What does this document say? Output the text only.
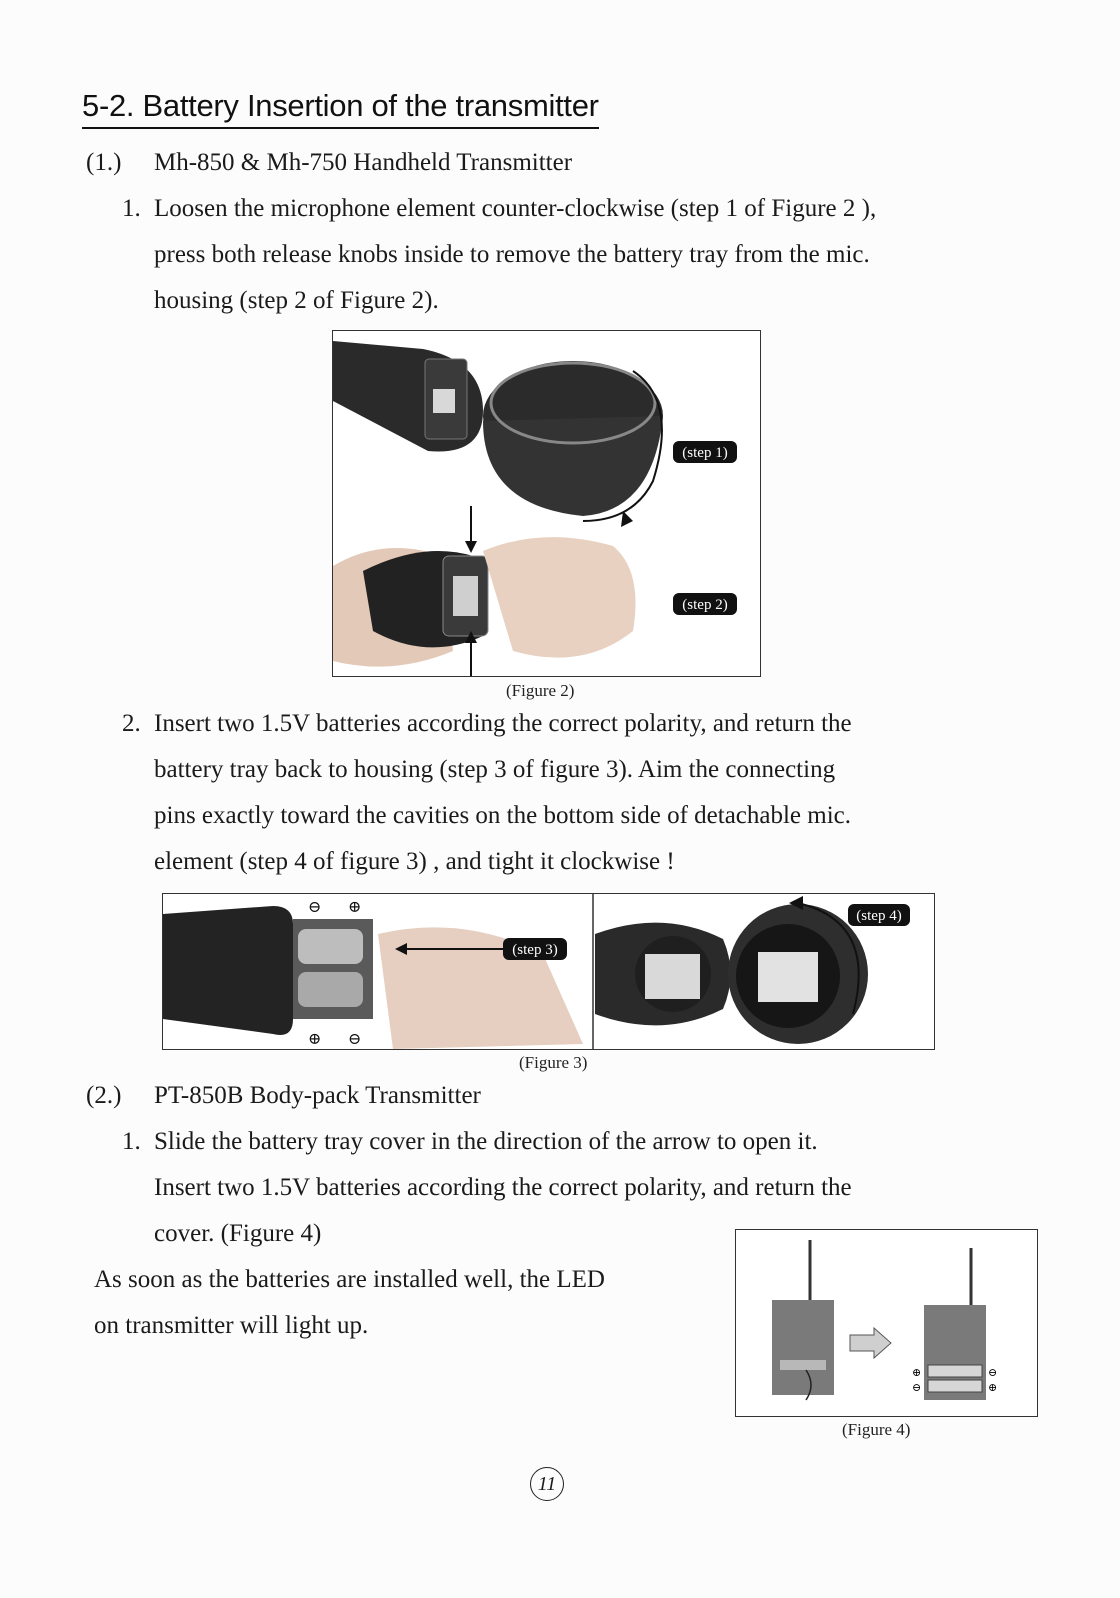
5-2. Battery Insertion of the transmitter
(1.) Mh-850 & Mh-750 Handheld Transmitter
1. Loosen the microphone element counter-clockwise (step 1 of Figure 2 ),
press both release knobs inside to remove the battery tray from the mic.
housing (step 2 of Figure 2).
(step 1)
(step 2)
(Figure 2)
2. Insert two 1.5V batteries according the correct polarity, and return the
battery tray back to housing (step 3 of figure 3). Aim the connecting
pins exactly toward the cavities on the bottom side of detachable mic.
element (step 4 of figure 3) , and tight it clockwise !
⊖ ⊕
⊕ ⊖
(step 3)
(step 4)
(Figure 3)
(2.) PT-850B Body-pack Transmitter
1. Slide the battery tray cover in the direction of the arrow to open it.
Insert two 1.5V batteries according the correct polarity, and return the
cover. (Figure 4)
As soon as the batteries are installed well, the LED
on transmitter will light up.
⊕
⊖
⊖
⊕
(Figure 4)
11
